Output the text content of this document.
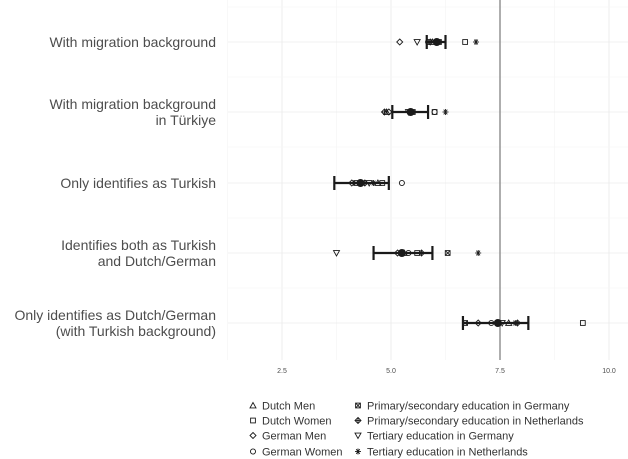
With migration background
With migration background in Türkiye
Only identifies as Turkish
Identifies both as Turkish and Dutch/German
Only identifies as Dutch/German (with Turkish background)
2.5	5.0	7.5	10.0
Dutch Men
Dutch Women
German Men
German Women
Primary/secondary education in Germany
Primary/secondary education in Netherlands
Tertiary education in Germany
Tertiary education in Netherlands
